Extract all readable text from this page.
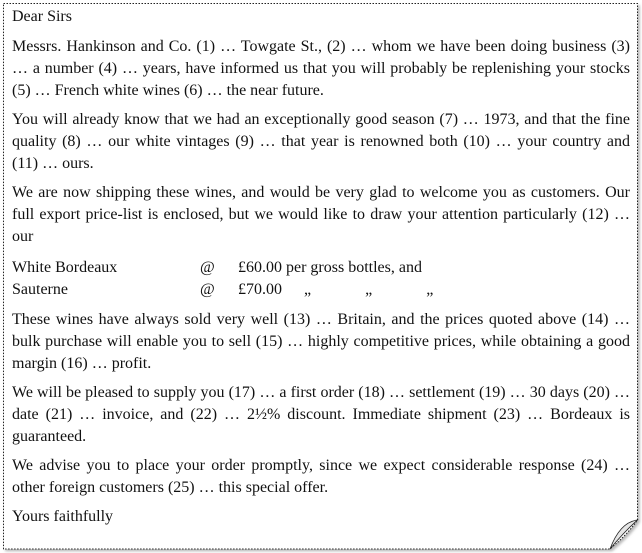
Dear Sirs

Messrs. Hankinson and Co. (1) … Towgate St., (2) … whom we have been doing business (3) … a number (4) … years, have informed us that you will probably be replenishing your stocks (5) … French white wines (6) … the near future.

You will already know that we had an exceptionally good season (7) … 1973, and that the fine quality (8) … our white vintages (9) … that year is renowned both (10) … your country and (11) … ours.

We are now shipping these wines, and would be very glad to welcome you as customers. Our full export price-list is enclosed, but we would like to draw your attention particularly (12) … our

White Bordeaux	@	£60.00 per gross bottles, and
Sauterne	@	£70.00 „	„	„

These wines have always sold very well (13) … Britain, and the prices quoted above (14) … bulk purchase will enable you to sell (15) … highly competitive prices, while obtaining a good margin (16) … profit.

We will be pleased to supply you (17) … a first order (18) … settlement (19) … 30 days (20) … date (21) … invoice, and (22) … 2½% discount. Immediate shipment (23) … Bordeaux is guaranteed.

We advise you to place your order promptly, since we expect considerable response (24) … other foreign customers (25) … this special offer.

Yours faithfully
